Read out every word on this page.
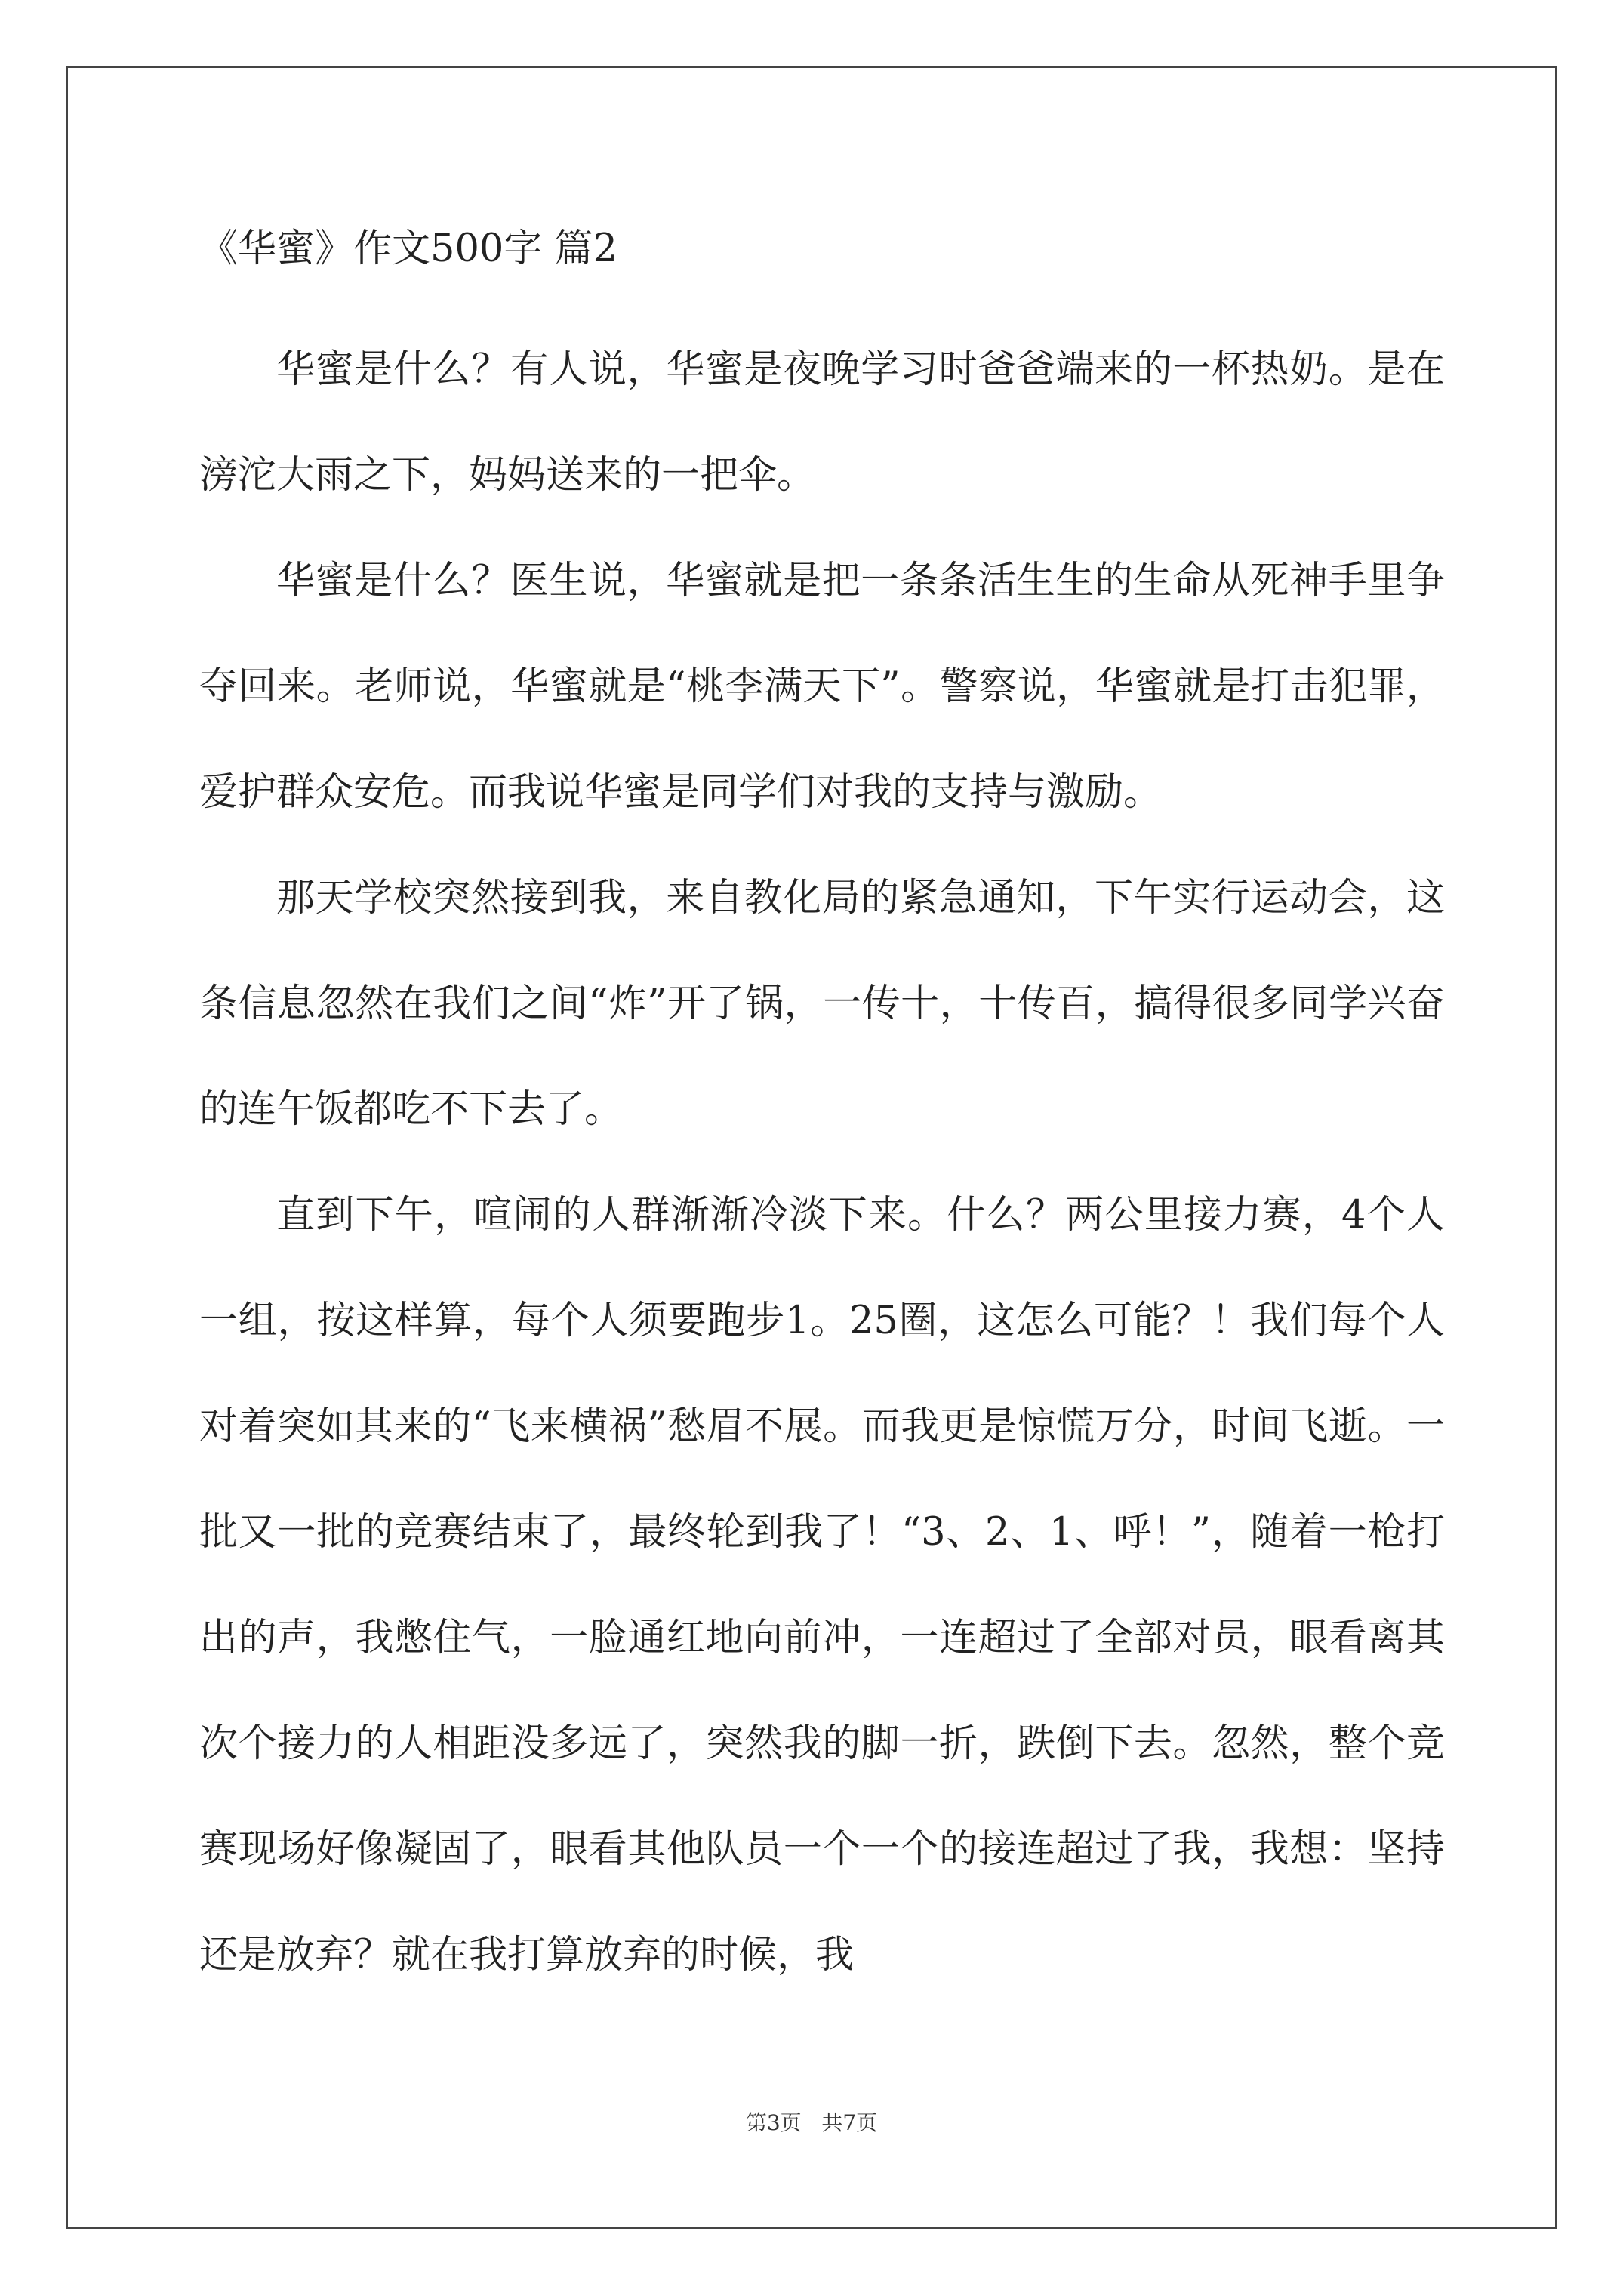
《华蜜》作文500字 篇2

华蜜是什么？有人说，华蜜是夜晚学习时爸爸端来的一杯热奶。是在滂沱大雨之下，妈妈送来的一把伞。

华蜜是什么？医生说，华蜜就是把一条条活生生的生命从死神手里争夺回来。老师说，华蜜就是“桃李满天下”。警察说，华蜜就是打击犯罪，爱护群众安危。而我说华蜜是同学们对我的支持与激励。

那天学校突然接到我，来自教化局的紧急通知，下午实行运动会，这条信息忽然在我们之间“炸”开了锅，一传十，十传百，搞得很多同学兴奋的连午饭都吃不下去了。

直到下午，喧闹的人群渐渐冷淡下来。什么？两公里接力赛，4个人一组，按这样算，每个人须要跑步1。25圈，这怎么可能？！我们每个人对着突如其来的“飞来横祸”愁眉不展。而我更是惊慌万分，时间飞逝。一批又一批的竞赛结束了，最终轮到我了！“3、2、1、呼！”，随着一枪打出的声，我憋住气，一脸通红地向前冲，一连超过了全部对员，眼看离其次个接力的人相距没多远了，突然我的脚一折，跌倒下去。忽然，整个竞赛现场好像凝固了，眼看其他队员一个一个的接连超过了我，我想：坚持还是放弃？就在我打算放弃的时候，我

第3页   共7页
